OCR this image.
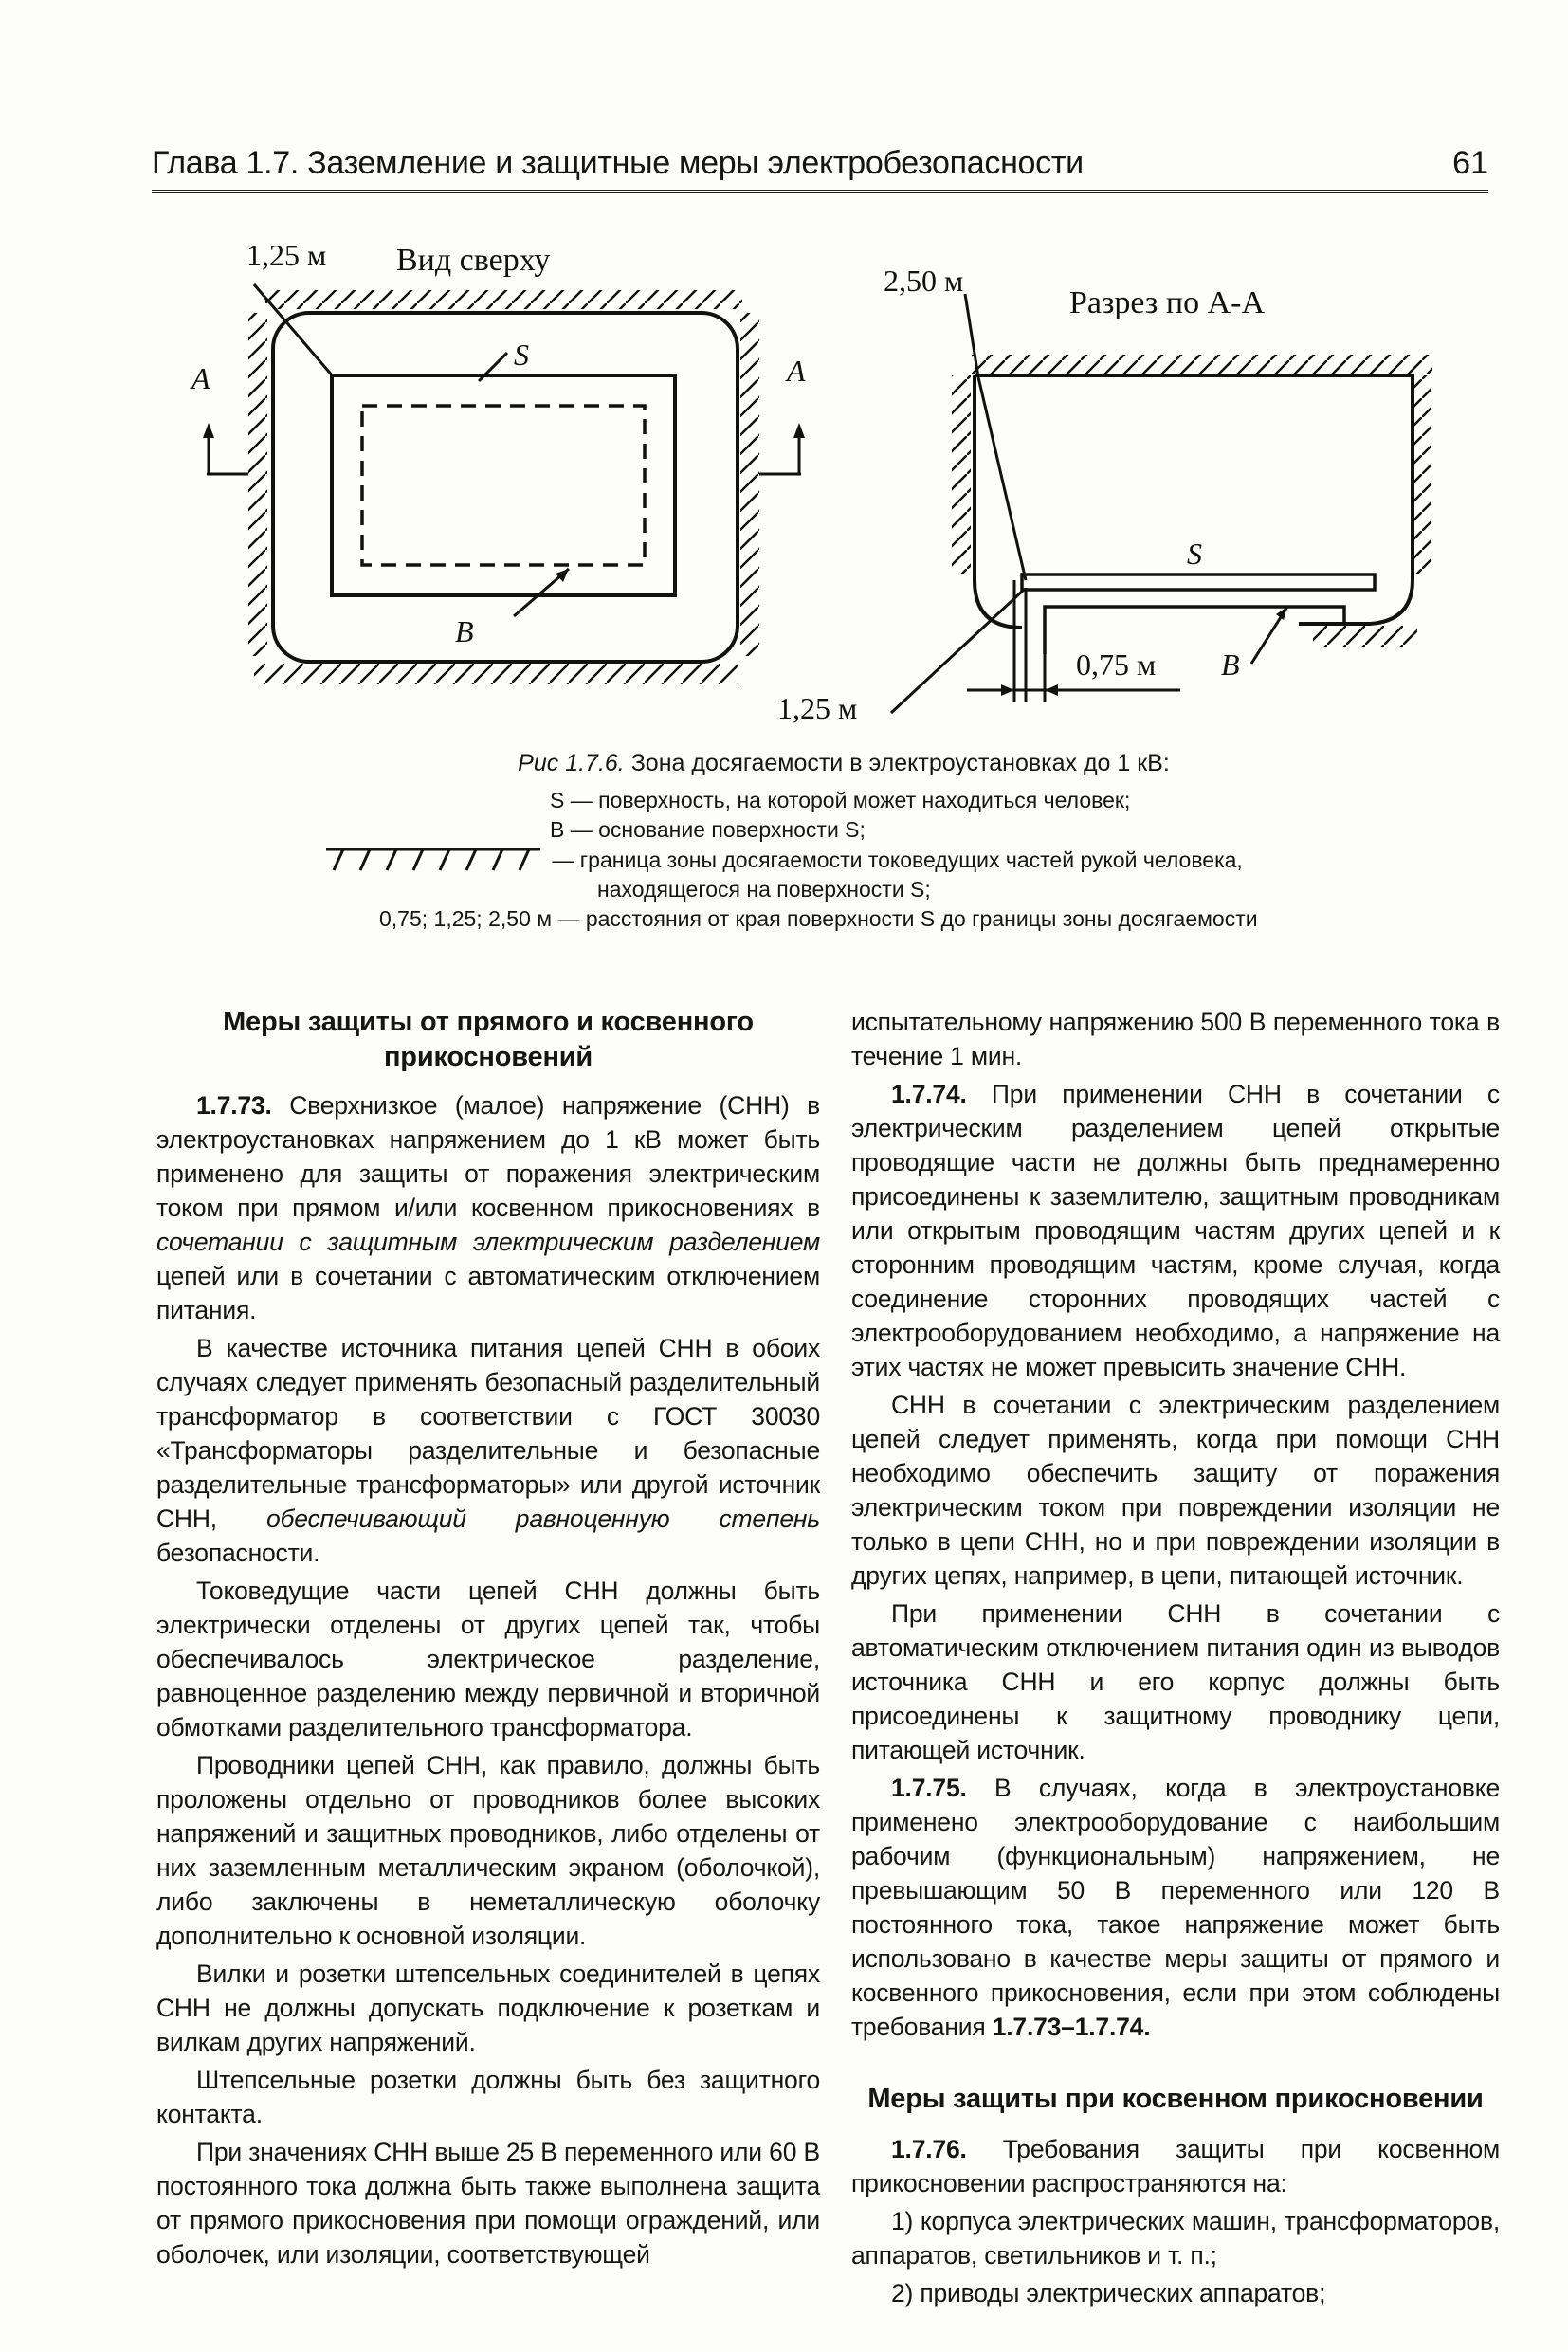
Глава 1.7. Заземление и защитные меры электробезопасности	61
1,25 м Вид сверху
А	А
S
B
2,50 м
Разрез по А-А
S
0,75 м B
1,25 м
Рис 1.7.6. Зона досягаемости в электроустановках до 1 кВ:
S — поверхность, на которой может находиться человек;
B — основание поверхности S;
— граница зоны досягаемости токоведущих частей рукой человека,
находящегося на поверхности S;
0,75; 1,25; 2,50 м — расстояния от края поверхности S до границы зоны досягаемости
Меры защиты от прямого и косвенного прикосновений

1.7.73. Сверхнизкое (малое) напряжение (СНН) в электроустановках напряжением до 1 кВ может быть применено для защиты от поражения электрическим током при прямом и/или косвенном прикосновениях в сочетании с защитным электрическим разделением цепей или в сочетании с автоматическим отключением питания.

В качестве источника питания цепей СНН в обоих случаях следует применять безопасный разделительный трансформатор в соответствии с ГОСТ 30030 «Трансформаторы разделительные и безопасные разделительные трансформаторы» или другой источник СНН, обеспечивающий равноценную степень безопасности.

Токоведущие части цепей СНН должны быть электрически отделены от других цепей так, чтобы обеспечивалось электрическое разделение, равноценное разделению между первичной и вторичной обмотками разделительного трансформатора.

Проводники цепей СНН, как правило, должны быть проложены отдельно от проводников более высоких напряжений и защитных проводников, либо отделены от них заземленным металлическим экраном (оболочкой), либо заключены в неметаллическую оболочку дополнительно к основной изоляции.

Вилки и розетки штепсельных соединителей в цепях СНН не должны допускать подключение к розеткам и вилкам других напряжений.

Штепсельные розетки должны быть без защитного контакта.

При значениях СНН выше 25 В переменного или 60 В постоянного тока должна быть также выполнена защита от прямого прикосновения при помощи ограждений, или оболочек, или изоляции, соответствующей

испытательному напряжению 500 В переменного тока в течение 1 мин.

1.7.74. При применении СНН в сочетании с электрическим разделением цепей открытые проводящие части не должны быть преднамеренно присоединены к заземлителю, защитным проводникам или открытым проводящим частям других цепей и к сторонним проводящим частям, кроме случая, когда соединение сторонних проводящих частей с электрооборудованием необходимо, а напряжение на этих частях не может превысить значение СНН.

СНН в сочетании с электрическим разделением цепей следует применять, когда при помощи СНН необходимо обеспечить защиту от поражения электрическим током при повреждении изоляции не только в цепи СНН, но и при повреждении изоляции в других цепях, например, в цепи, питающей источник.

При применении СНН в сочетании с автоматическим отключением питания один из выводов источника СНН и его корпус должны быть присоединены к защитному проводнику цепи, питающей источник.

1.7.75. В случаях, когда в электроустановке применено электрооборудование с наибольшим рабочим (функциональным) напряжением, не превышающим 50 В переменного или 120 В постоянного тока, такое напряжение может быть использовано в качестве меры защиты от прямого и косвенного прикосновения, если при этом соблюдены требования 1.7.73–1.7.74.

Меры защиты при косвенном прикосновении

1.7.76. Требования защиты при косвенном прикосновении распространяются на:

1) корпуса электрических машин, трансформаторов, аппаратов, светильников и т. п.;

2) приводы электрических аппаратов;
